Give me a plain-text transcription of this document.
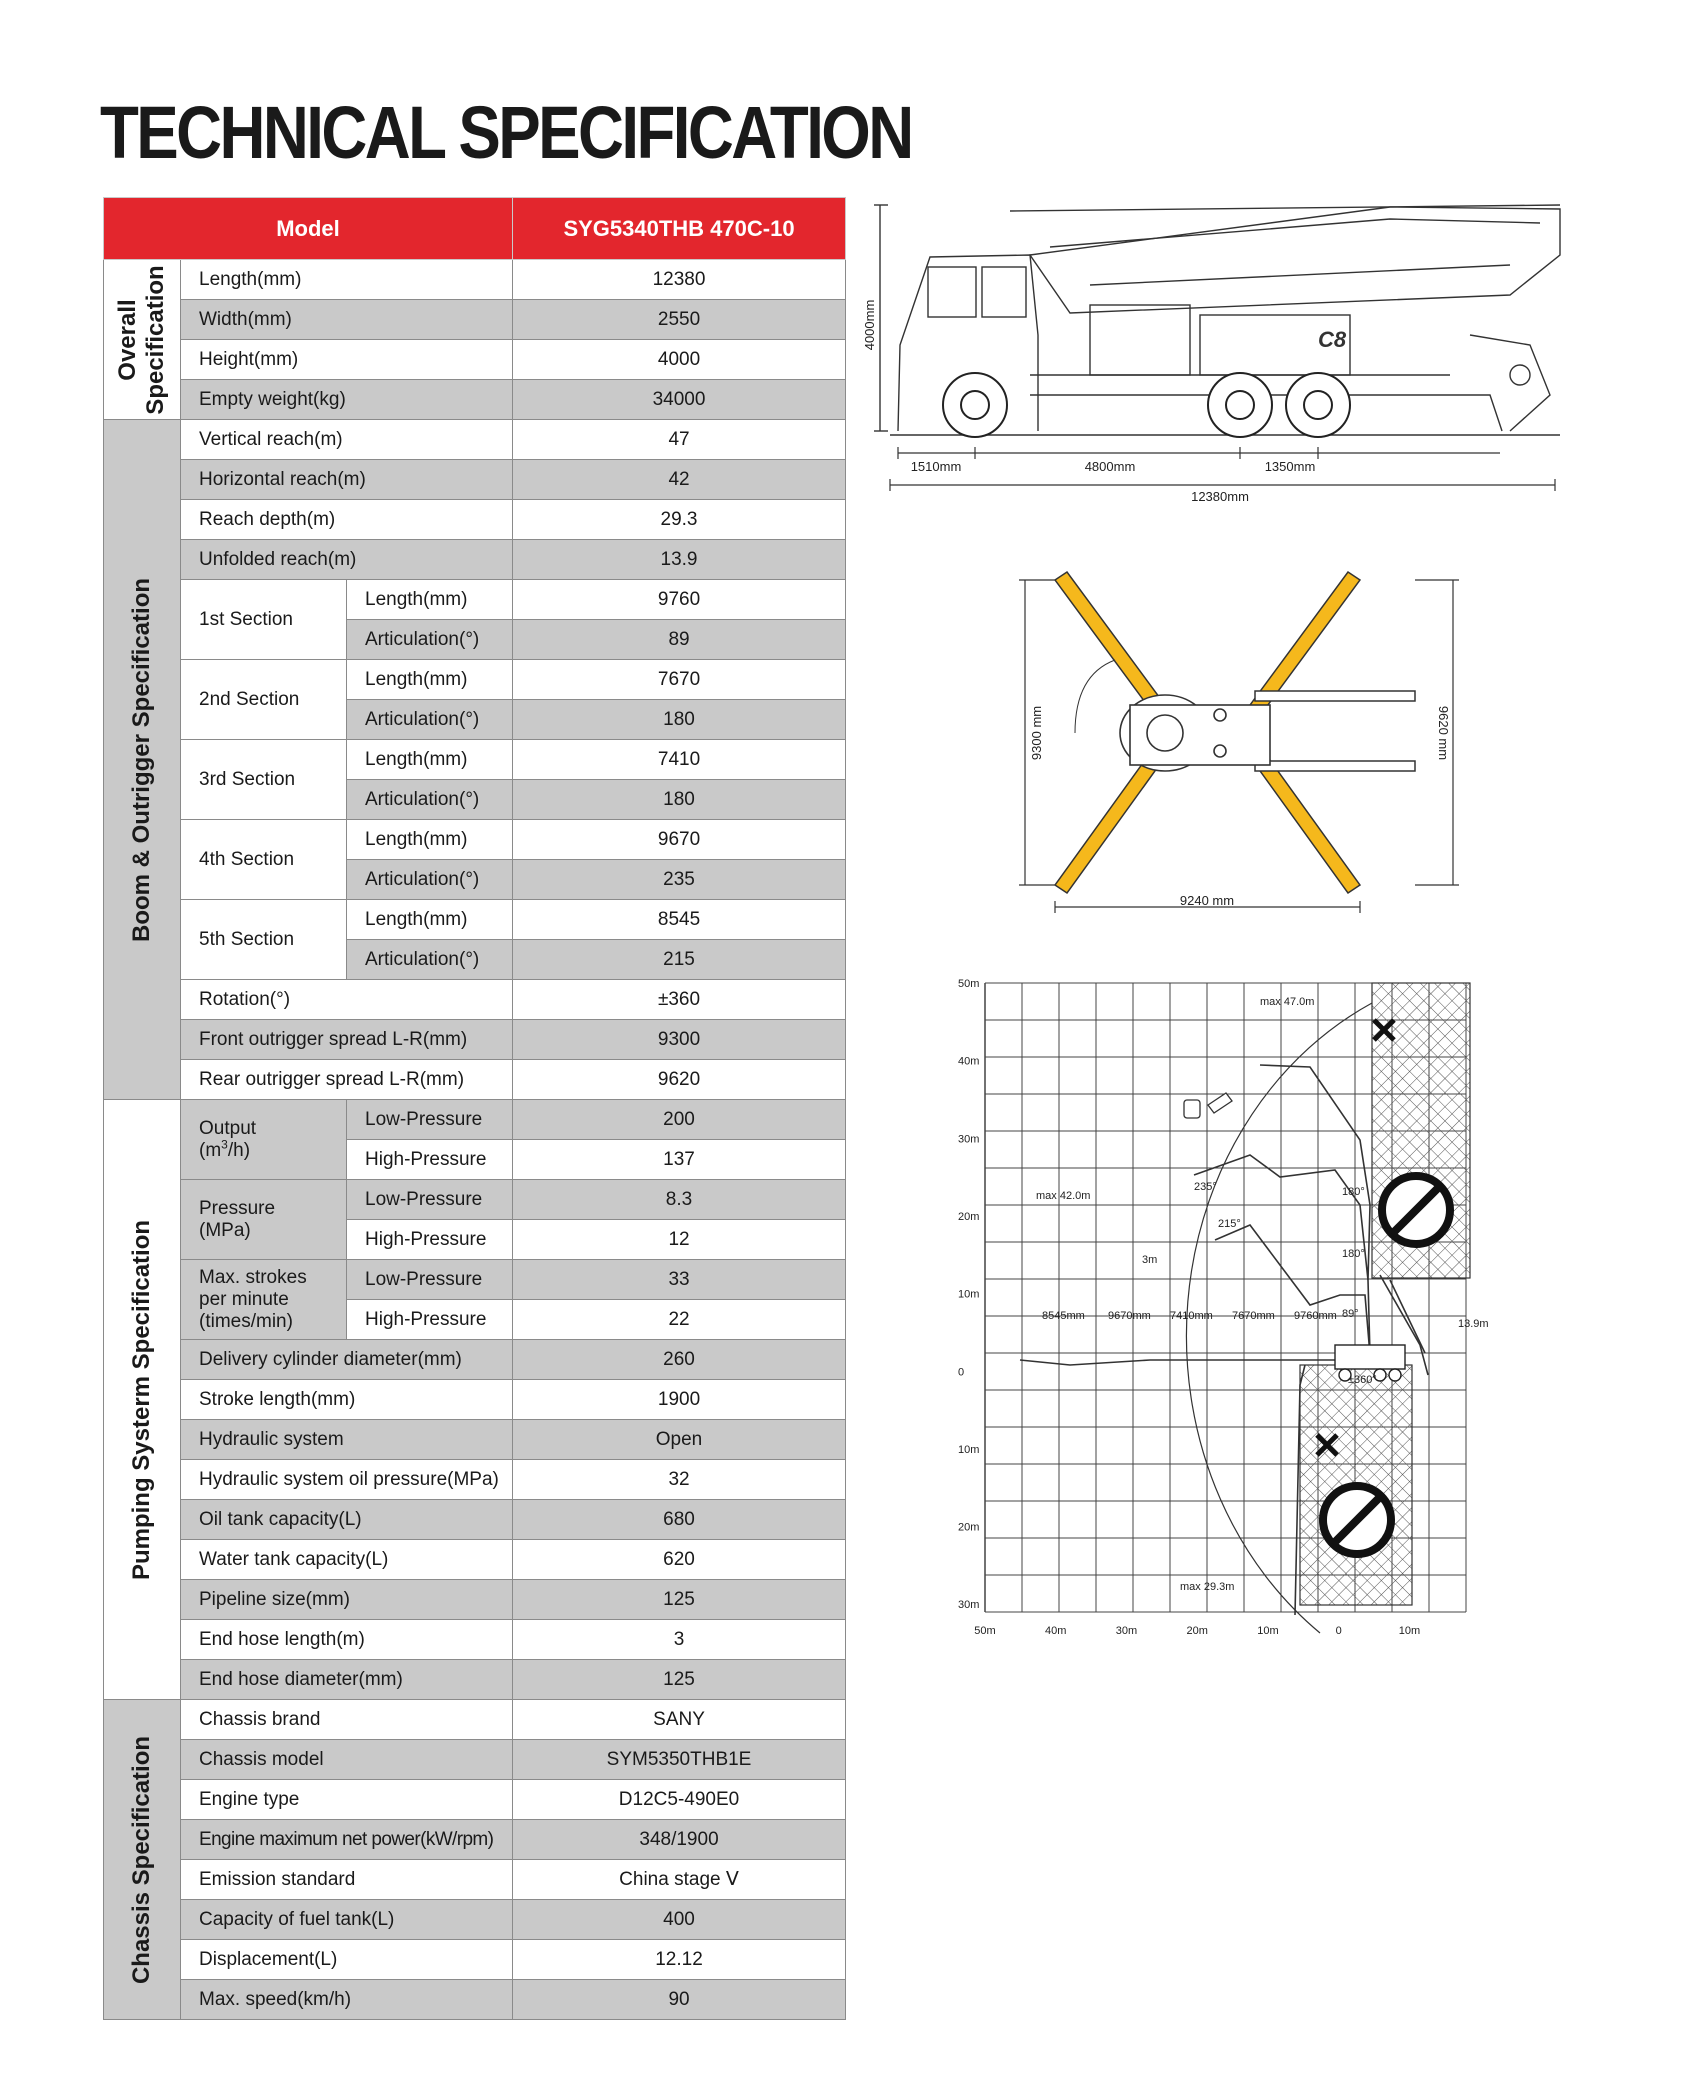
TECHNICAL SPECIFICATION
Model			SYG5340THB 470C-10

Overall
Specification	Length(mm)		12380
	Width(mm)		2550
	Height(mm)		4000
	Empty weight(kg)		34000

Boom & Outrigger Specification	Vertical reach(m)		47
	Horizontal reach(m)		42
	Reach depth(m)		29.3
	Unfolded reach(m)		13.9
	1st Section	Length(mm)	9760
		Articulation(°)	89
	2nd Section	Length(mm)	7670
		Articulation(°)	180
	3rd Section	Length(mm)	7410
		Articulation(°)	180
	4th Section	Length(mm)	9670
		Articulation(°)	235
	5th Section	Length(mm)	8545
		Articulation(°)	215
	Rotation(°)		±360
	Front outrigger spread L-R(mm)		9300
	Rear outrigger spread L-R(mm)		9620

Pumping Systerm Specification	Output
$(m^3/h)$	Low-Pressure	200
		High-Pressure	137
	Pressure
(MPa)	Low-Pressure	8.3
		High-Pressure	12
	Max. strokes
per minute
(times/min)	Low-Pressure	33
		High-Pressure	22
	Delivery cylinder diameter(mm)		260
	Stroke length(mm)		1900
	Hydraulic system		Open
	Hydraulic system oil pressure(MPa)		32
	Oil tank capacity(L)		680
	Water tank capacity(L)		620
	Pipeline size(mm)		125
	End hose length(m)		3
	End hose diameter(mm)		125

Chassis Specification	Chassis brand		SANY
	Chassis model		SYM5350THB1E
	Engine type		D12C5-490E0
	Engine maximum net power(kW/rpm)		348/1900
	Emission standard		China stage Ⅴ
	Capacity of fuel tank(L)		400
	Displacement(L)		12.12
	Max. speed(km/h)		90
4000mm
1510mm	4800mm	1350mm
12380mm
C8
9300 mm	9620 mm
9240 mm
50m
40m
30m
20m
10m
0
10m
20m
30m
50m	40m	30m	20m	10m	0	10m
max 47.0m
max 42.0m
max 29.3m
3m
13.9m
±360°
235°
215°
180°
180°
89°
8545mm 9670mm 7410mm 7670mm 9760mm
